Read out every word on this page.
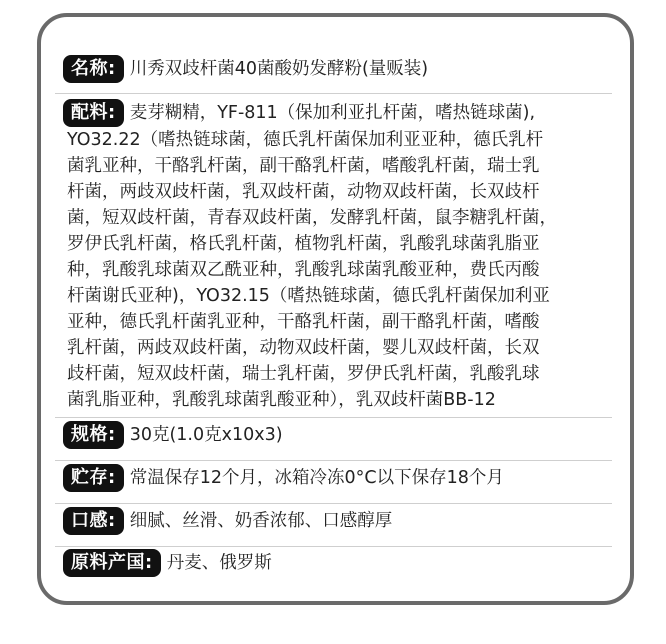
名称: 川秀双歧杆菌40菌酸奶发酵粉(量贩装)
配料: 麦芽糊精，YF-811（保加利亚扎杆菌，嗜热链球菌),
YO32.22（嗜热链球菌，德氏乳杆菌保加利亚亚种，德氏乳杆
菌乳亚种，干酪乳杆菌，副干酪乳杆菌，嗜酸乳杆菌，瑞士乳
杆菌，两歧双歧杆菌，乳双歧杆菌，动物双歧杆菌，长双歧杆
菌，短双歧杆菌，青春双歧杆菌，发酵乳杆菌，鼠李糖乳杆菌，
罗伊氏乳杆菌，格氏乳杆菌，植物乳杆菌，乳酸乳球菌乳脂亚
种，乳酸乳球菌双乙酰亚种，乳酸乳球菌乳酸亚种，费氏丙酸
杆菌谢氏亚种)，YO32.15（嗜热链球菌，德氏乳杆菌保加利亚
亚种，德氏乳杆菌乳亚种，干酪乳杆菌，副干酪乳杆菌，嗜酸
乳杆菌，两歧双歧杆菌，动物双歧杆菌，婴儿双歧杆菌，长双
歧杆菌，短双歧杆菌，瑞士乳杆菌，罗伊氏乳杆菌，乳酸乳球
菌乳脂亚种，乳酸乳球菌乳酸亚种），乳双歧杆菌BB-12
规格: 30克(1.0克x10x3)
贮存: 常温保存12个月，冰箱冷冻0°C以下保存18个月
口感: 细腻、丝滑、奶香浓郁、口感醇厚
原料产国: 丹麦、俄罗斯
